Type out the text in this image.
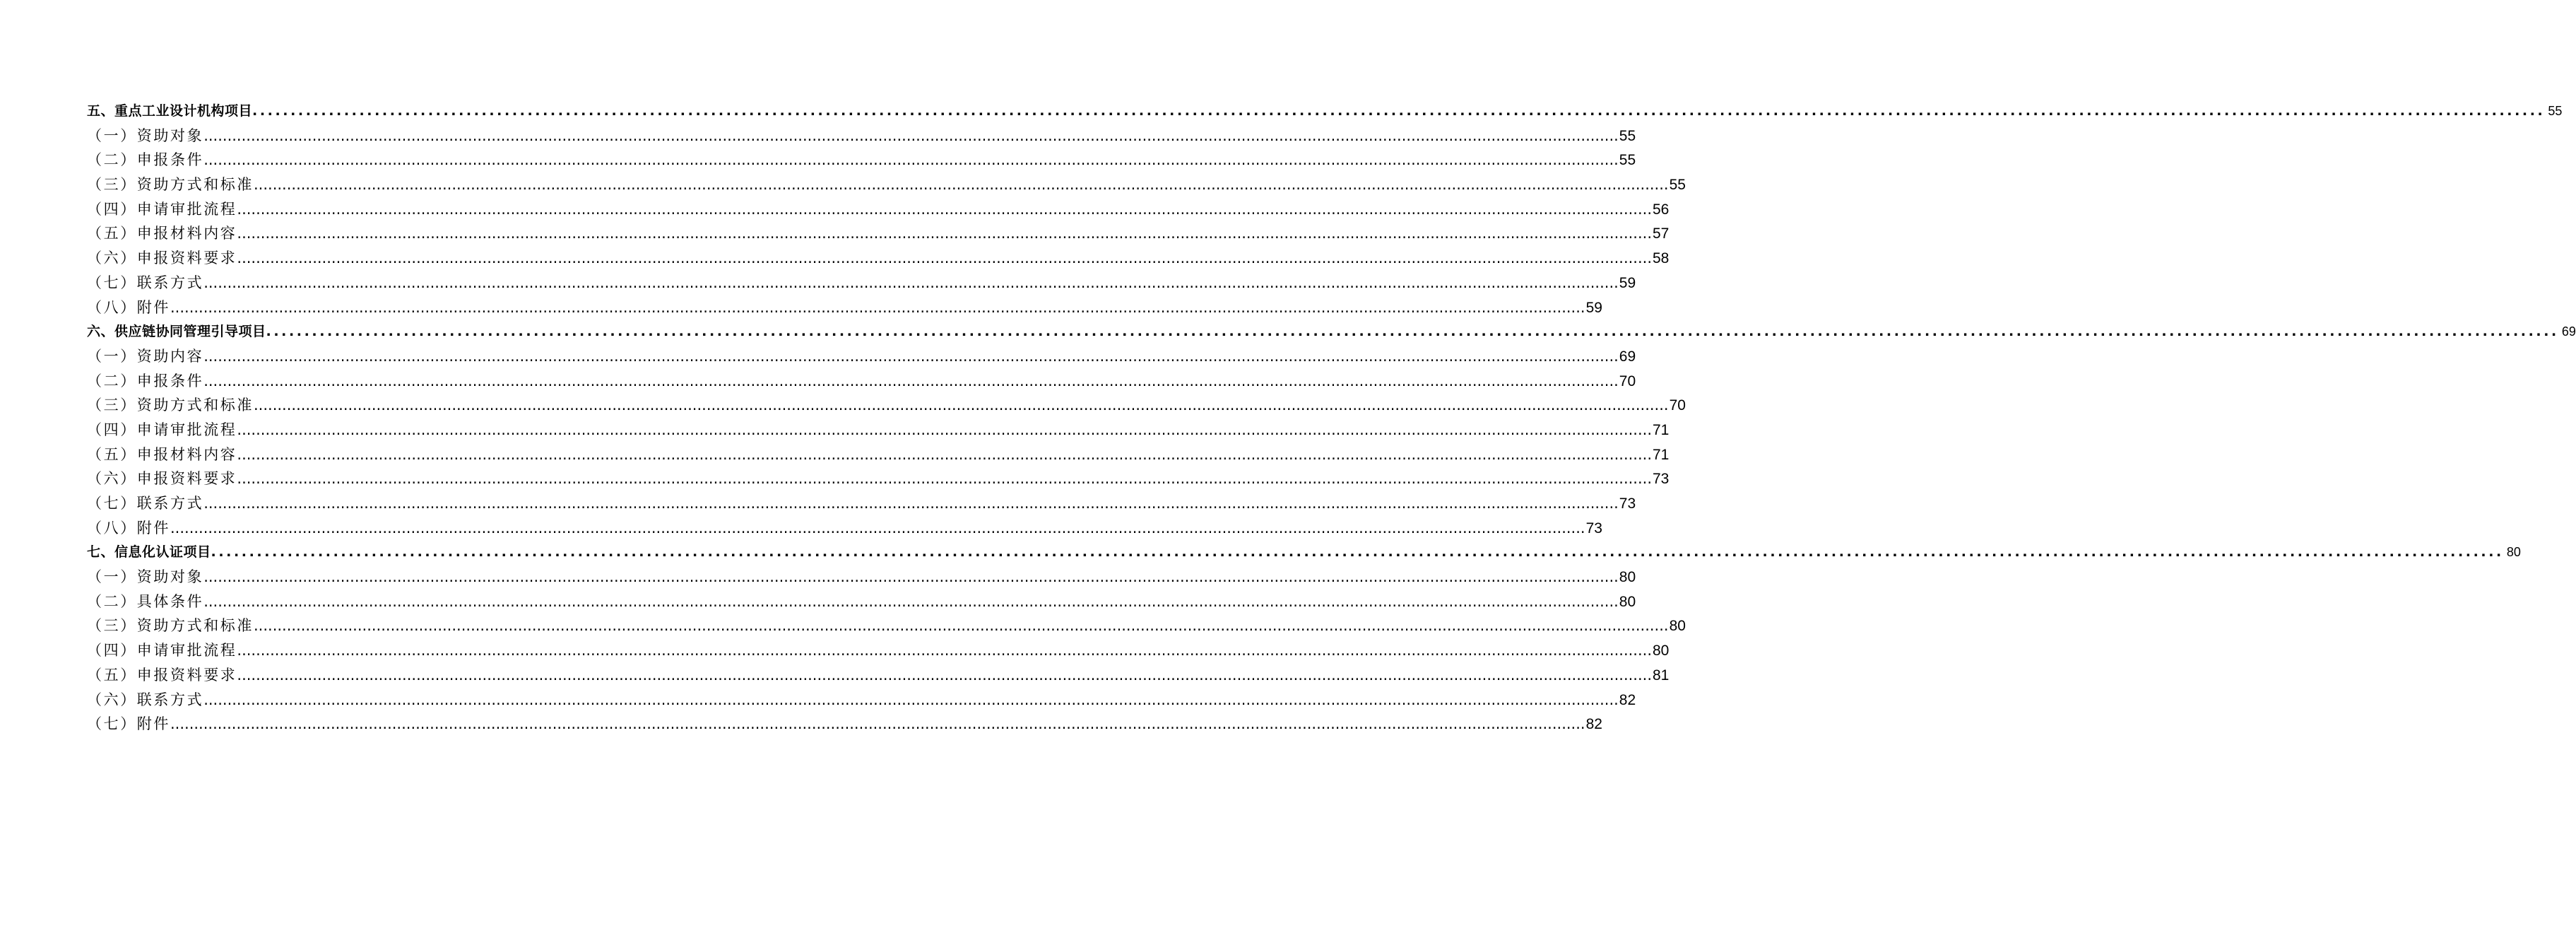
五、重点工业设计机构项目 ............................................................................................................................................................................................................................................................................................................ 55
（一）资助对象 ............................................................................................................................................................................................................................................................................................................ 55
（二）申报条件 ............................................................................................................................................................................................................................................................................................................ 55
（三）资助方式和标准 ............................................................................................................................................................................................................................................................................................................ 55
（四）申请审批流程 ............................................................................................................................................................................................................................................................................................................ 56
（五）申报材料内容 ............................................................................................................................................................................................................................................................................................................ 57
（六）申报资料要求 ............................................................................................................................................................................................................................................................................................................ 58
（七）联系方式 ............................................................................................................................................................................................................................................................................................................ 59
（八）附件 ............................................................................................................................................................................................................................................................................................................ 59
六、供应链协同管理引导项目 ............................................................................................................................................................................................................................................................................................................ 69
（一）资助内容 ............................................................................................................................................................................................................................................................................................................ 69
（二）申报条件 ............................................................................................................................................................................................................................................................................................................ 70
（三）资助方式和标准 ............................................................................................................................................................................................................................................................................................................ 70
（四）申请审批流程 ............................................................................................................................................................................................................................................................................................................ 71
（五）申报材料内容 ............................................................................................................................................................................................................................................................................................................ 71
（六）申报资料要求 ............................................................................................................................................................................................................................................................................................................ 73
（七）联系方式 ............................................................................................................................................................................................................................................................................................................ 73
（八）附件 ............................................................................................................................................................................................................................................................................................................ 73
七、信息化认证项目 ............................................................................................................................................................................................................................................................................................................ 80
（一）资助对象 ............................................................................................................................................................................................................................................................................................................ 80
（二）具体条件 ............................................................................................................................................................................................................................................................................................................ 80
（三）资助方式和标准 ............................................................................................................................................................................................................................................................................................................ 80
（四）申请审批流程 ............................................................................................................................................................................................................................................................................................................ 80
（五）申报资料要求 ............................................................................................................................................................................................................................................................................................................ 81
（六）联系方式 ............................................................................................................................................................................................................................................................................................................ 82
（七）附件 ............................................................................................................................................................................................................................................................................................................ 82
